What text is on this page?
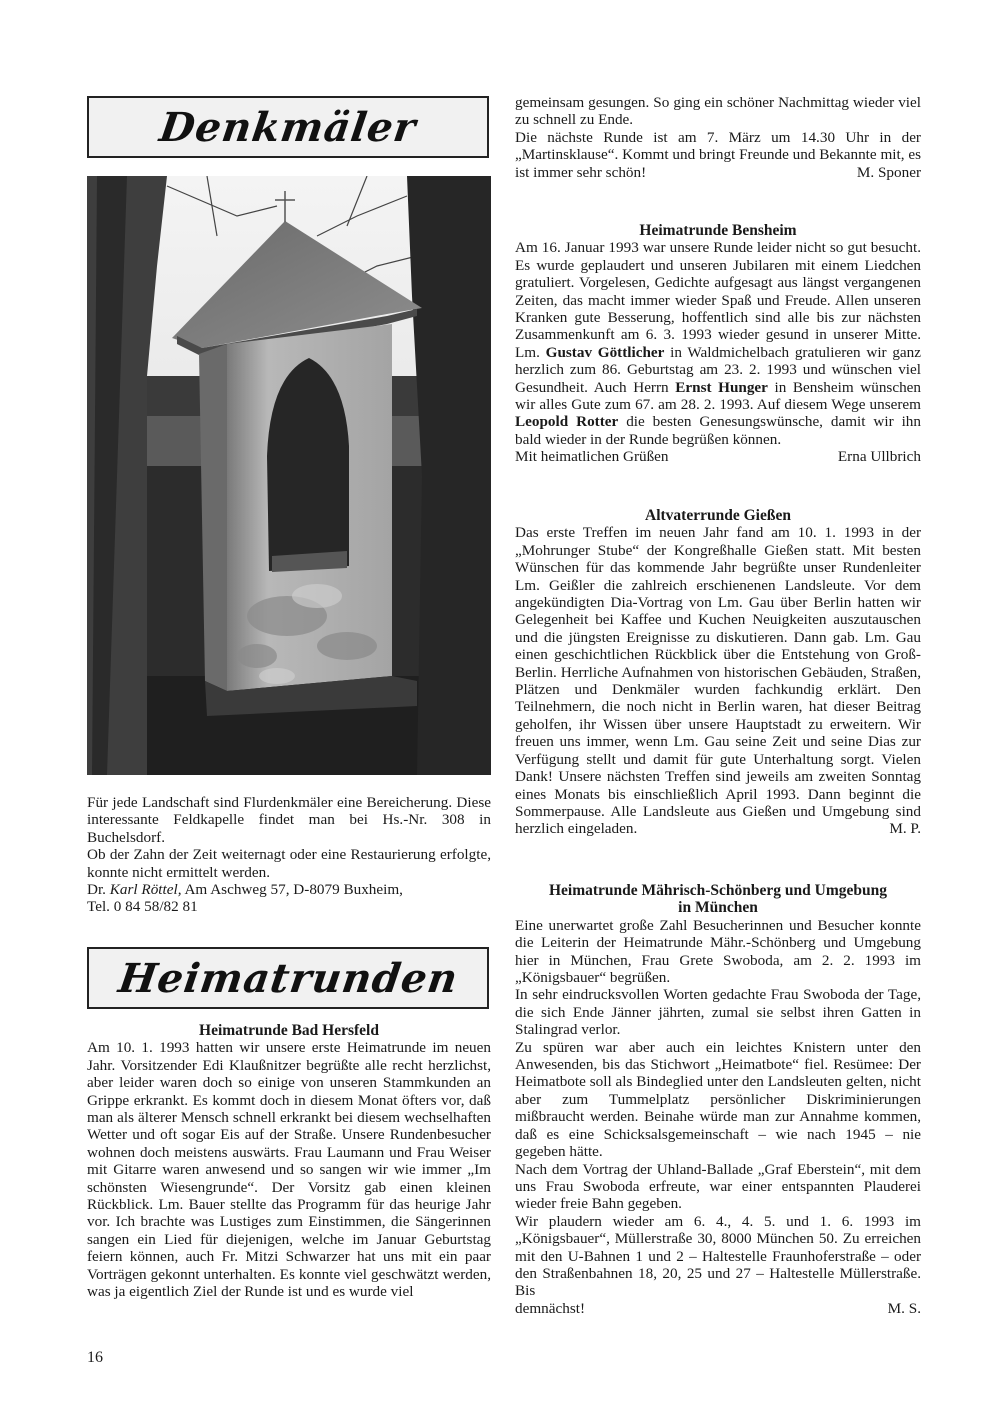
Denkmäler

Für jede Landschaft sind Flurdenkmäler eine Bereicherung. Diese interessante Feldkapelle findet man bei Hs.-Nr. 308 in Buchelsdorf.

Ob der Zahn der Zeit weiternagt oder eine Restaurierung erfolgte, konnte nicht ermittelt werden.

Dr. Karl Röttel, Am Aschweg 57, D-8079 Buxheim,

Tel. 0 84 58/82 81

Heimatrunden
Heimatrunde Bad Hersfeld

Am 10. 1. 1993 hatten wir unsere erste Heimatrunde im neuen Jahr. Vorsitzender Edi Klaußnitzer begrüßte alle recht herzlichst, aber leider waren doch so einige von unseren Stammkunden an Grippe erkrankt. Es kommt doch in diesem Monat öfters vor, daß man als älterer Mensch schnell erkrankt bei diesem wechselhaften Wetter und oft sogar Eis auf der Straße. Unsere Rundenbesucher wohnen doch meistens auswärts. Frau Laumann und Frau Weiser mit Gitarre waren anwesend und so sangen wir wie immer „Im schönsten Wiesengrunde“. Der Vorsitz gab einen kleinen Rückblick. Lm. Bauer stellte das Programm für das heurige Jahr vor. Ich brachte was Lustiges zum Einstimmen, die Sängerinnen sangen ein Lied für diejenigen, welche im Januar Geburtstag feiern können, auch Fr. Mitzi Schwarzer hat uns mit ein paar Vorträgen gekonnt unterhalten. Es konnte viel geschwätzt werden, was ja eigentlich Ziel der Runde ist und es wurde viel

16

gemeinsam gesungen. So ging ein schöner Nachmittag wieder viel zu schnell zu Ende.

Die nächste Runde ist am 7. März um 14.30 Uhr in der „Martinsklause“. Kommt und bringt Freunde und Bekannte mit, es ist immer sehr schön!	M. Sponer
Heimatrunde Bensheim

Am 16. Januar 1993 war unsere Runde leider nicht so gut besucht. Es wurde geplaudert und unseren Jubilaren mit einem Liedchen gratuliert. Vorgelesen, Gedichte aufgesagt aus längst vergangenen Zeiten, das macht immer wieder Spaß und Freude. Allen unseren Kranken gute Besserung, hoffentlich sind alle bis zur nächsten Zusammenkunft am 6. 3. 1993 wieder gesund in unserer Mitte. Lm. Gustav Göttlicher in Waldmichelbach gratulieren wir ganz herzlich zum 86. Geburtstag am 23. 2. 1993 und wünschen viel Gesundheit. Auch Herrn Ernst Hunger in Bensheim wünschen wir alles Gute zum 67. am 28. 2. 1993. Auf diesem Wege unserem Leopold Rotter die besten Genesungswünsche, damit wir ihn bald wieder in der Runde begrüßen können.

Mit heimatlichen Grüßen	Erna Ullbrich
Altvaterrunde Gießen

Das erste Treffen im neuen Jahr fand am 10. 1. 1993 in der „Mohrunger Stube“ der Kongreßhalle Gießen statt. Mit besten Wünschen für das kommende Jahr begrüßte unser Rundenleiter Lm. Geißler die zahlreich erschienenen Landsleute. Vor dem angekündigten Dia-Vortrag von Lm. Gau über Berlin hatten wir Gelegenheit bei Kaffee und Kuchen Neuigkeiten auszutauschen und die jüngsten Ereignisse zu diskutieren. Dann gab. Lm. Gau einen geschichtlichen Rückblick über die Entstehung von Groß-Berlin. Herrliche Aufnahmen von historischen Gebäuden, Straßen, Plätzen und Denkmäler wurden fachkundig erklärt. Den Teilnehmern, die noch nicht in Berlin waren, hat dieser Beitrag geholfen, ihr Wissen über unsere Hauptstadt zu erweitern. Wir freuen uns immer, wenn Lm. Gau seine Zeit und seine Dias zur Verfügung stellt und damit für gute Unterhaltung sorgt. Vielen Dank! Unsere nächsten Treffen sind jeweils am zweiten Sonntag eines Monats bis einschließlich April 1993. Dann beginnt die Sommerpause. Alle Landsleute aus Gießen und Umgebung sind herzlich eingeladen.	M. P.
Heimatrunde Mährisch-Schönberg und Umgebung
in München

Eine unerwartet große Zahl Besucherinnen und Besucher konnte die Leiterin der Heimatrunde Mähr.-Schönberg und Umgebung hier in München, Frau Grete Swoboda, am 2. 2. 1993 im „Königsbauer“ begrüßen.

In sehr eindrucksvollen Worten gedachte Frau Swoboda der Tage, die sich Ende Jänner jährten, zumal sie selbst ihren Gatten in Stalingrad verlor.

Zu spüren war aber auch ein leichtes Knistern unter den Anwesenden, bis das Stichwort „Heimatbote“ fiel. Resümee: Der Heimatbote soll als Bindeglied unter den Landsleuten gelten, nicht aber zum Tummelplatz persönlicher Diskriminierungen mißbraucht werden. Beinahe würde man zur Annahme kommen, daß es eine Schicksalsgemeinschaft – wie nach 1945 – nie gegeben hätte.

Nach dem Vortrag der Uhland-Ballade „Graf Eberstein“, mit dem uns Frau Swoboda erfreute, war einer entspannten Plauderei wieder freie Bahn gegeben.

Wir plaudern wieder am 6. 4., 4. 5. und 1. 6. 1993 im „Königsbauer“, Müllerstraße 30, 8000 München 50. Zu erreichen mit den U-Bahnen 1 und 2 – Haltestelle Fraunhoferstraße – oder den Straßenbahnen 18, 20, 25 und 27 – Haltestelle Müllerstraße. Bis

demnächst!	M. S.
